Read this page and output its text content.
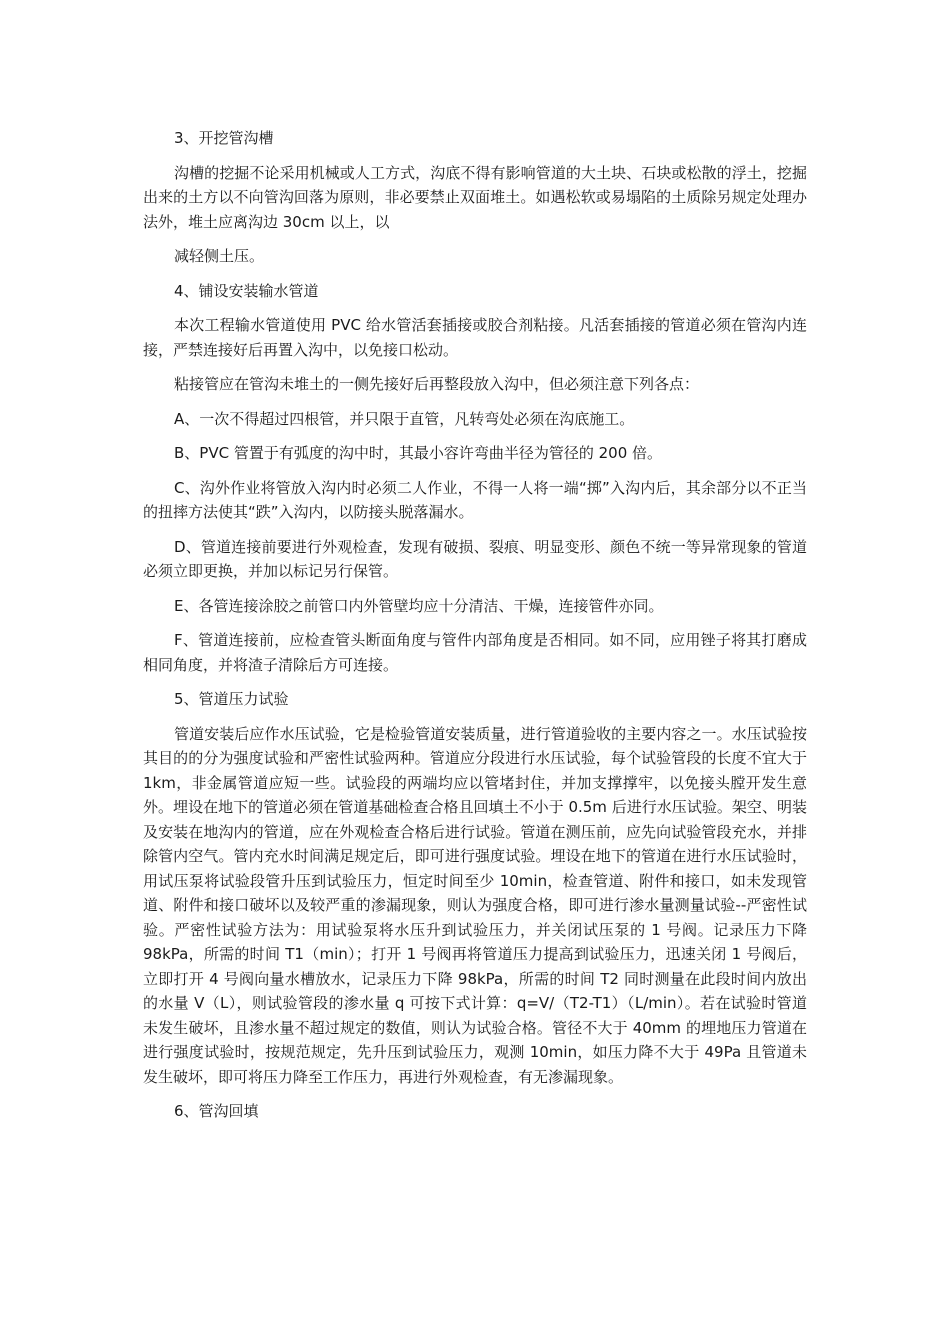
3、开挖管沟槽

沟槽的挖掘不论采用机械或人工方式，沟底不得有影响管道的大土块、石块或松散的浮土，挖掘出来的土方以不向管沟回落为原则，非必要禁止双面堆土。如遇松软或易塌陷的土质除另规定处理办法外，堆土应离沟边 30cm 以上，以

减轻侧土压。

4、铺设安装输水管道

本次工程输水管道使用 PVC 给水管活套插接或胶合剂粘接。凡活套插接的管道必须在管沟内连接，严禁连接好后再置入沟中，以免接口松动。

粘接管应在管沟未堆土的一侧先接好后再整段放入沟中，但必须注意下列各点：

A、一次不得超过四根管，并只限于直管，凡转弯处必须在沟底施工。

B、PVC 管置于有弧度的沟中时，其最小容许弯曲半径为管径的 200 倍。

C、沟外作业将管放入沟内时必须二人作业，不得一人将一端“掷”入沟内后，其余部分以不正当的扭摔方法使其“跌”入沟内，以防接头脱落漏水。

D、管道连接前要进行外观检查，发现有破损、裂痕、明显变形、颜色不统一等异常现象的管道必须立即更换，并加以标记另行保管。

E、各管连接涂胶之前管口内外管壁均应十分清洁、干燥，连接管件亦同。

F、管道连接前，应检查管头断面角度与管件内部角度是否相同。如不同，应用锉子将其打磨成相同角度，并将渣子清除后方可连接。

5、管道压力试验

管道安装后应作水压试验，它是检验管道安装质量，进行管道验收的主要内容之一。水压试验按其目的的分为强度试验和严密性试验两种。管道应分段进行水压试验，每个试验管段的长度不宜大于 1km，非金属管道应短一些。试验段的两端均应以管堵封住，并加支撑撑牢，以免接头膛开发生意外。埋设在地下的管道必须在管道基础检查合格且回填土不小于 0.5m 后进行水压试验。架空、明装及安装在地沟内的管道，应在外观检查合格后进行试验。管道在测压前，应先向试验管段充水，并排除管内空气。管内充水时间满足规定后，即可进行强度试验。埋设在地下的管道在进行水压试验时，用试压泵将试验段管升压到试验压力，恒定时间至少 10min，检查管道、附件和接口，如未发现管道、附件和接口破坏以及较严重的渗漏现象，则认为强度合格，即可进行渗水量测量试验--严密性试验。严密性试验方法为：用试验泵将水压升到试验压力，并关闭试压泵的 1 号阀。记录压力下降 98kPa，所需的时间 T1（min）；打开 1 号阀再将管道压力提高到试验压力，迅速关闭 1 号阀后，立即打开 4 号阀向量水槽放水，记录压力下降 98kPa，所需的时间 T2 同时测量在此段时间内放出的水量 V（L），则试验管段的渗水量 q 可按下式计算：q=V/（T2-T1）（L/min）。若在试验时管道未发生破坏，且渗水量不超过规定的数值，则认为试验合格。管径不大于 40mm 的埋地压力管道在进行强度试验时，按规范规定，先升压到试验压力，观测 10min，如压力降不大于 49Pa 且管道未发生破坏，即可将压力降至工作压力，再进行外观检查，有无渗漏现象。

6、管沟回填
